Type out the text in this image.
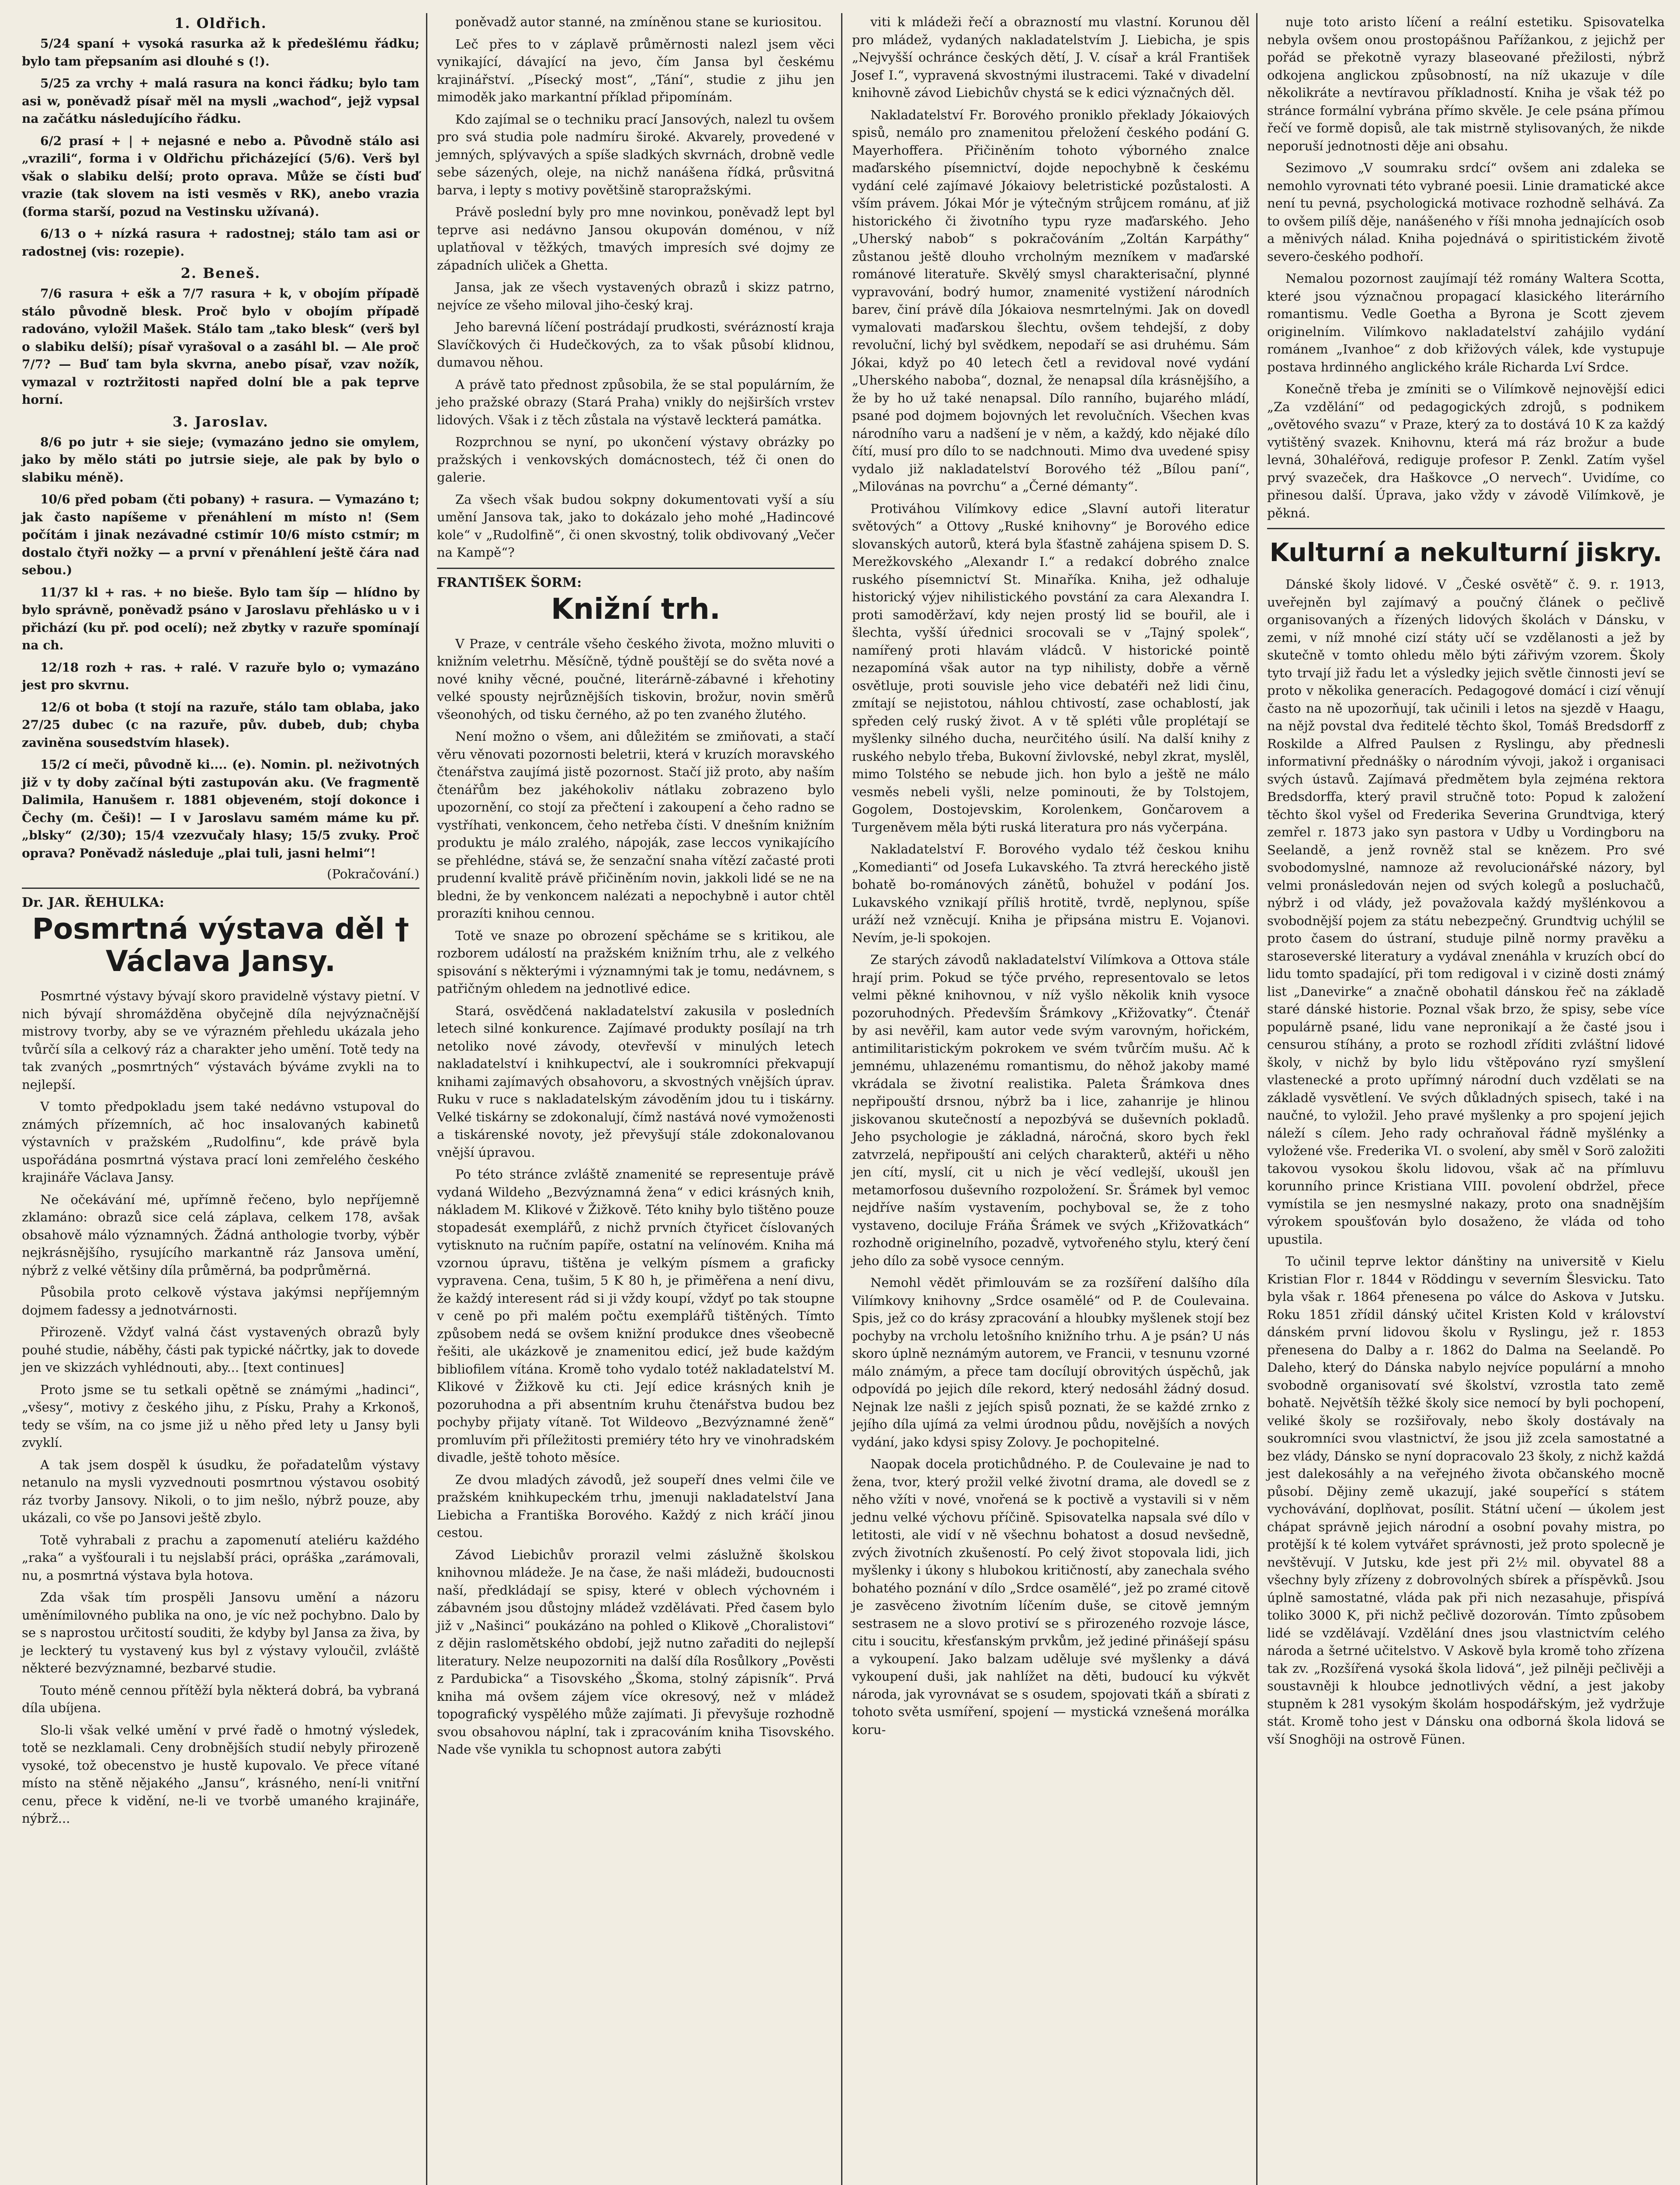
1. Oldřich.

5/24 spaní + vysoká rasurka až k předešlému řádku; bylo tam přepsaním asi dlouhé s (!).

5/25 za vrchy + malá rasura na konci řádku; bylo tam asi w, poněvadž písař měl na mysli „wachod“, jejž vypsal na začátku následujícího řádku.

6/2 prasí + | + nejasné e nebo a. Původně stálo asi „vrazili“, forma i v Oldřichu přicházející (5/6). Verš byl však o slabiku delší; proto oprava. Může se čísti buď vrazie (tak slovem na isti vesměs v RK), anebo vrazia (forma starší, pozud na Vestinsku užívaná).

6/13 o + nízká rasura + radostnej; stálo tam asi or radostnej (vis: rozepie).

2. Beneš.

7/6 rasura + ešk a 7/7 rasura + k, v obojím případě stálo původně blesk. Proč bylo v obojím případě radováno, vyložil Mašek. Stálo tam „tako blesk“ (verš byl o slabiku delší); písař vyrašoval o a zasáhl bl. — Ale proč 7/7? — Buď tam byla skvrna, anebo písař, vzav nožík, vymazal v roztržitosti napřed dolní ble a pak teprve horní.

3. Jaroslav.

8/6 po jutr + sie sieje; (vymazáno jedno sie omylem, jako by mělo státi po jutrsie sieje, ale pak by bylo o slabiku méně).

10/6 před pobam (čti pobany) + rasura. — Vymazáno t; jak často napíšeme v přenáhlení m místo n! (Sem počítám i jinak nezávadné cstimír 10/6 místo cstmír; m dostalo čtyři nožky — a první v přenáhlení ještě čára nad sebou.)

11/37 kl + ras. + no bieše. Bylo tam šíp — hlídno by bylo správně, poněvadž psáno v Jaroslavu přehlásko u v i přichází (ku př. pod ocelí); než zbytky v razuře spomínají na ch.

12/18 rozh + ras. + ralé. V razuře bylo o; vymazáno jest pro skvrnu.

12/6 ot boba (t stojí na razuře, stálo tam oblaba, jako 27/25 dubec (c na razuře, pův. dubeb, dub; chyba zaviněna sousedstvím hlasek).

15/2 cí meči, původně ki.... (e). Nomin. pl. neživotných již v ty doby začínal býti zastupován aku. (Ve fragmentě Dalimila, Hanušem r. 1881 objeveném, stojí dokonce i Čechy (m. Češi)! — I v Jaroslavu samém máme ku př. „blsky“ (2/30); 15/4 vzezvučaly hlasy; 15/5 zvuky. Proč oprava? Poněvadž následuje „plai tuli, jasni helmi“!

(Pokračování.)
Dr. JAR. ŘEHULKA:
Posmrtná výstava děl † Václava Jansy.

Posmrtné výstavy bývají skoro pravidelně výstavy pietní. V nich bývají shromážděna obyčejně díla nejvýznačnější mistrovy tvorby, aby se ve výrazném přehledu ukázala jeho tvůrčí síla a celkový ráz a charakter jeho umění. Totě tedy na tak zvaných „posmrtných“ výstavách býváme zvykli na to nejlepší.

V tomto předpokladu jsem také nedávno vstupoval do známých přízemních, ač hoc insalovaných kabinetů výstavních v pražském „Rudolfinu“, kde právě byla uspořádána posmrtná výstava prací loni zemřelého českého krajináře Václava Jansy.

Ne očekávání mé, upřímně řečeno, bylo nepříjemně zklamáno: obrazů sice celá záplava, celkem 178, avšak obsahově málo významných. Žádná anthologie tvorby, výběr nejkrásnějšího, rysujícího markantně ráz Jansova umění, nýbrž z velké většiny díla průměrná, ba podprůměrná.

Působila proto celkově výstava jakýmsi nepříjemným dojmem fadessy a jednotvárnosti.

Přirozeně. Vždyť valná část vystavených obrazů byly pouhé studie, náběhy, části pak typické náčrtky, jak to dovede jen ve skizzách vyhlédnouti, aby... [text continues]

Proto jsme se tu setkali opětně se známými „hadinci“, „všesy“, motivy z českého jihu, z Písku, Prahy a Krkonoš, tedy se vším, na co jsme již u něho před lety u Jansy byli zvyklí.

A tak jsem dospěl k úsudku, že pořadatelům výstavy netanulo na mysli vyzvednouti posmrtnou výstavou osobitý ráz tvorby Jansovy. Nikoli, o to jim nešlo, nýbrž pouze, aby ukázali, co vše po Jansovi ještě zbylo.

Totě vyhrabali z prachu a zapomenutí ateliéru každého „raka“ a vyšťourali i tu nejslabší práci, opráška „zarámovali, nu, a posmrtná výstava byla hotova.

Zda však tím prospěli Jansovu umění a názoru uměnímilovného publika na ono, je víc než pochybno. Dalo by se s naprostou určitostí souditi, že kdyby byl Jansa za živa, by je leckterý tu vystavený kus byl z výstavy vyloučil, zvláště některé bezvýznamné, bezbarvé studie.

Touto méně cennou přítěží byla některá dobrá, ba vybraná díla ubíjena.

Slo-li však velké umění v prvé řadě o hmotný výsledek, totě se nezklamali. Ceny drobnějších studií nebyly přirozeně vysoké, tož obecenstvo je hustě kupovalo. Ve přece vítané místo na stěně nějakého „Jansu“, krásného, není-li vnitřní cenu, přece k vidění, ne-li ve tvorbě umaného krajináře, nýbrž...

poněvadž autor stanné, na zmíněnou stane se kuriositou.

Leč přes to v záplavě průměrnosti nalezl jsem věci vynikající, dávající na jevo, čím Jansa byl českému krajinářství. „Písecký most“, „Tání“, studie z jihu jen mimoděk jako markantní příklad připomínám.

Kdo zajímal se o techniku prací Jansových, nalezl tu ovšem pro svá studia pole nadmíru široké. Akvarely, provedené v jemných, splývavých a spíše sladkých skvrnách, drobně vedle sebe sázených, oleje, na nichž nanášena řídká, průsvitná barva, i lepty s motivy povětšině staropražskými.

Právě poslední byly pro mne novinkou, poněvadž lept byl teprve asi nedávno Jansou okupován doménou, v níž uplatňoval v těžkých, tmavých impresích své dojmy ze západních uliček a Ghetta.

Jansa, jak ze všech vystavených obrazů i skizz patrno, nejvíce ze všeho miloval jiho-český kraj.

Jeho barevná líčení postrádají prudkosti, svérázností kraja Slavíčkových či Hudečkových, za to však působí klidnou, dumavou něhou.

A právě tato přednost způsobila, že se stal populárním, že jeho pražské obrazy (Stará Praha) vnikly do nejširších vrstev lidových. Však i z těch zůstala na výstavě leckterá památka.

Rozprchnou se nyní, po ukončení výstavy obrázky po pražských i venkovských domácnostech, též či onen do galerie.

Za všech však budou sokpny dokumentovati vyší a síu umění Jansova tak, jako to dokázalo jeho mohé „Hadincové kole“ v „Rudolfině“, či onen skvostný, tolik obdivovaný „Večer na Kampě“?

FRANTIŠEK ŠORM:
Knižní trh.

V Praze, v centrále všeho českého života, možno mluviti o knižním veletrhu. Měsíčně, týdně pouštějí se do světa nové a nové knihy věcné, poučné, literárně-zábavné i křehotiny velké spousty nejrůznějších tiskovin, brožur, novin směrů všeonohých, od tisku černého, až po ten zvaného žlutého.

Není možno o všem, ani důležitém se zmiňovati, a stačí věru věnovati pozornosti beletrii, která v kruzích moravského čtenářstva zaujímá jistě pozornost. Stačí již proto, aby naším čtenářům bez jakéhokoliv nátlaku zobrazeno bylo upozornění, co stojí za přečtení i zakoupení a čeho radno se vystříhati, venkoncem, čeho netřeba čísti. V dnešním knižním produktu je málo zralého, nápoják, zase leccos vynikajícího se přehlédne, stává se, že senzační snaha vítězí začasté proti prudenní kvalitě právě přičiněním novin, jakkoli lidé se ne na bledni, že by venkoncem nalézati a nepochybně i autor chtěl prorazíti knihou cennou.

Totě ve snaze po obrození spěcháme se s kritikou, ale rozborem událostí na pražském knižním trhu, ale z velkého spisování s některými i významnými tak je tomu, nedávnem, s patřičným ohledem na jednotlivé edice.

Stará, osvědčená nakladatelství zakusila v posledních letech silné konkurence. Zajímavé produkty posílají na trh netoliko nové závody, otevřevší v minulých letech nakladatelství i knihkupectví, ale i soukromníci překvapují knihami zajímavých obsahovoru, a skvostných vnějších úprav. Ruku v ruce s nakladatelským závoděním jdou tu i tiskárny. Velké tiskárny se zdokonalují, čímž nastává nové vymoženosti a tiskárenské novoty, jež převyšují stále zdokonalovanou vnější úpravou.

Po této stránce zvláště znamenité se representuje právě vydaná Wildeho „Bezvýznamná žena“ v edici krásných knih, nákladem M. Klikové v Žižkově. Této knihy bylo tištěno pouze stopadesát exemplářů, z nichž prvních čtyřicet číslovaných vytisknuto na ručním papíře, ostatní na velínovém. Kniha má vzornou úpravu, tištěna je velkým písmem a graficky vypravena. Cena, tušim, 5 K 80 h, je přiměřena a není divu, že každý interesent rád si ji vždy koupí, vždyť po tak stoupne v ceně po při malém počtu exemplářů tištěných. Tímto způsobem nedá se ovšem knižní produkce dnes všeobecně řešiti, ale ukázkově je znamenitou edicí, jež bude každým bibliofilem vítána. Kromě toho vydalo totéž nakladatelství M. Klikové v Žižkově ku cti. Její edice krásných knih je pozoruhodna a při absentním kruhu čtenářstva budou bez pochyby přijaty vítaně. Tot Wildeovo „Bezvýznamné ženě“ promluvím při příležitosti premiéry této hry ve vinohradském divadle, ještě tohoto měsíce.

Ze dvou mladých závodů, jež soupeří dnes velmi čile ve pražském knihkupeckém trhu, jmenuji nakladatelství Jana Liebicha a Františka Borového. Každý z nich kráčí jinou cestou.

Závod Liebichův prorazil velmi záslužně školskou knihovnou mládeže. Je na čase, že naši mládeži, budoucnosti naší, předkládají se spisy, které v oblech výchovném i zábavném jsou důstojny mládež vzdělávati. Před časem bylo již v „Našinci“ poukázáno na pohled o Klikově „Choralistovi“ z dějin raslomětského období, jejž nutno zařaditi do nejlepší literatury. Nelze neupozorniti na další díla Rosůlkory „Pověsti z Pardubicka“ a Tisovského „Škoma, stolný zápisník“. Prvá kniha má ovšem zájem více okresový, než v mládež topografický vyspělého může zajímati. Ji převyšuje rozhodně svou obsahovou náplní, tak i zpracováním kniha Tisovského. Nade vše vynikla tu schopnost autora zabýti

viti k mládeži řečí a obrazností mu vlastní. Korunou děl pro mládež, vydaných nakladatelstvím J. Liebicha, je spis „Nejvyšší ochránce českých dětí, J. V. císař a král František Josef I.“, vypravená skvostnými ilustracemi. Také v divadelní knihovně závod Liebichův chystá se k edici význačných děl.

Nakladatelství Fr. Borového proniklo překlady Jókaiových spisů, nemálo pro znamenitou přeložení českého podání G. Mayerhoffera. Přičiněním tohoto výborného znalce maďarského písemnictví, dojde nepochybně k českému vydání celé zajímavé Jókaiovy beletristické pozůstalosti. A vším právem. Jókai Mór je výtečným strůjcem románu, ať již historického či životního typu ryze maďarského. Jeho „Uherský nabob“ s pokračováním „Zoltán Karpáthy“ zůstanou ještě dlouho vrcholným mezníkem v maďarské románové literatuře. Skvělý smysl charakterisační, plynné vypravování, bodrý humor, znamenité vystižení národních barev, činí právě díla Jókaiova nesmrtelnými. Jak on dovedl vymalovati maďarskou šlechtu, ovšem tehdejší, z doby revoluční, lichý byl svědkem, nepodaří se asi druhému. Sám Jókai, když po 40 letech četl a revidoval nové vydání „Uherského naboba“, doznal, že nenapsal díla krásnějšího, a že by ho už také nenapsal. Dílo ranního, bujarého mládí, psané pod dojmem bojovných let revolučních. Všechen kvas národního varu a nadšení je v něm, a každý, kdo nějaké dílo čítí, musí pro dílo to se nadchnouti. Mimo dva uvedené spisy vydalo již nakladatelství Borového též „Bílou paní“, „Milovánas na povrchu“ a „Černé démanty“.

Protiváhou Vilímkovy edice „Slavní autoři literatur světových“ a Ottovy „Ruské knihovny“ je Borového edice slovanských autorů, která byla šťastně zahájena spisem D. S. Merežkovského „Alexandr I.“ a redakcí dobrého znalce ruského písemnictví St. Minaříka. Kniha, jež odhaluje historický výjev nihilistického povstání za cara Alexandra I. proti samoděržaví, kdy nejen prostý lid se bouřil, ale i šlechta, vyšší úřednici srocovali se v „Tajný spolek“, namířený proti hlavám vládců. V historické pointě nezapomíná však autor na typ nihilisty, dobře a věrně osvětluje, proti souvisle jeho vice debatéři než lidi činu, zmítají se nejistotou, náhlou chtivostí, zase ochablostí, jak spředen celý ruský život. A v tě spléti vůle proplétají se myšlenky silného ducha, neurčitého úsilí. Na další knihy z ruského nebylo třeba, Bukovní živlovské, nebyl zkrat, myslěl, mimo Tolstého se nebude jich. hon bylo a ještě ne málo vesměs nebeli vyšli, nelze pominouti, že by Tolstojem, Gogolem, Dostojevskim, Korolenkem, Gončarovem a Turgeněvem měla býti ruská literatura pro nás vyčerpána.

Nakladatelství F. Borového vydalo též českou knihu „Komedianti“ od Josefa Lukavského. Ta ztvrá hereckého jistě bohatě bo-románových zánětů, bohužel v podání Jos. Lukavského vznikají příliš hrotitě, tvrdě, neplynou, spíše uráží než vzněcují. Kniha je připsána mistru E. Vojanovi. Nevím, je-li spokojen.

Ze starých závodů nakladatelství Vilímkova a Ottova stále hrají prim. Pokud se týče prvého, representovalo se letos velmi pěkné knihovnou, v níž vyšlo několik knih vysoce pozoruhodných. Především Šrámkovy „Křižovatky“. Čtenář by asi nevěřil, kam autor vede svým varovným, hořickém, antimilitaristickým pokrokem ve svém tvůrčím mušu. Ač k jemnému, uhlazenému romantismu, do něhož jakoby mamé vkrádala se životní realistika. Paleta Šrámkova dnes nepřipouští drsnou, nýbrž ba i lice, zahanrije je hlinou jiskovanou skutečností a nepozbývá se duševních pokladů. Jeho psychologie je základná, náročná, skoro bych řekl zatvrzelá, nepřipouští ani celých charakterů, aktéři u něho jen cítí, myslí, cit u nich je věcí vedlejší, ukoušl jen metamorfosou duševního rozpoložení. Sr. Šrámek byl vemoc nejdříve naším vystavením, pochyboval se, že z toho vystaveno, dociluje Fráňa Šrámek ve svých „Křižovatkách“ rozhodně originelního, pozadvě, vytvořeného stylu, který čení jeho dílo za sobě vysoce cenným.

Nemohl vědět přimlouvám se za rozšíření dalšího díla Vilímkovy knihovny „Srdce osamělé“ od P. de Coulevaina. Spis, jež co do krásy zpracování a hloubky myšlenek stojí bez pochyby na vrcholu letošního knižního trhu. A je psán? U nás skoro úplně neznámým autorem, ve Francii, v tesnunu vzorné málo známým, a přece tam docílují obrovitých úspěchů, jak odpovídá po jejich díle rekord, který nedosáhl žádný dosud. Nejnak lze našli z jejích spisů poznati, že se každé zrnko z jejího díla ujímá za velmi úrodnou půdu, novějších a nových vydání, jako kdysi spisy Zolovy. Je pochopitelné.

Naopak docela protichůdného. P. de Coulevaine je nad to žena, tvor, který prožil velké životní drama, ale dovedl se z něho vžíti v nové, vnořená se k poctivě a vystavili si v něm jednu velké výchovu příčině. Spisovatelka napsala své dílo v letitosti, ale vidí v ně všechnu bohatost a dosud nevšedně, zvých životních zkušeností. Po celý život stopovala lidi, jich myšlenky i úkony s hlubokou kritičností, aby zanechala svého bohatého poznání v dílo „Srdce osamělé“, jež po zramé citově je zasvěceno životním líčením duše, se citově jemným sestrasem ne a slovo protiví se s přirozeného rozvoje lásce, citu i soucitu, křesťanským prvkům, jež jediné přinášejí spásu a vykoupení. Jako balzam uděluje své myšlenky a dává vykoupení duši, jak nahlížet na děti, budoucí ku výkvět národa, jak vyrovnávat se s osudem, spojovati tkáň a sbírati z tohoto světa usmíření, spojení — mystická vznešená morálka koru-

nuje toto aristo líčení a reální estetiku. Spisovatelka nebyla ovšem onou prostopášnou Pařížankou, z jejichž per pořád se překotně vyrazy blaseované přežilosti, nýbrž odkojena anglickou způsobností, na níž ukazuje v díle několikráte a nevtíravou příkladností. Kniha je však též po stránce formální vybrána přímo skvěle. Je cele psána přímou řečí ve formě dopisů, ale tak mistrně stylisovaných, že nikde neporuší jednotnosti děje ani obsahu.

Sezimovo „V soumraku srdcí“ ovšem ani zdaleka se nemohlo vyrovnati této vybrané poesii. Linie dramatické akce není tu pevná, psychologická motivace rozhodně selhává. Za to ovšem pilíš děje, nanášeného v říši mnoha jednajících osob a měnivých nálad. Kniha pojednává o spiritistickém životě severo-českého podhoří.

Nemalou pozornost zaujímají též romány Waltera Scotta, které jsou význačnou propagací klasického literárního romantismu. Vedle Goetha a Byrona je Scott zjevem originelním. Vilímkovo nakladatelství zahájilo vydání románem „Ivanhoe“ z dob křižových válek, kde vystupuje postava hrdinného anglického krále Richarda Lví Srdce.

Konečně třeba je zmíniti se o Vilímkově nejnovější edici „Za vzdělání“ od pedagogických zdrojů, s podnikem „ovětového svazu“ v Praze, který za to dostává 10 K za každý vytištěný svazek. Knihovnu, která má ráz brožur a bude levná, 30haléřová, rediguje profesor P. Zenkl. Zatím vyšel prvý svazeček, dra Haškovce „O nervech“. Uvidíme, co přinesou další. Úprava, jako vždy v závodě Vilímkově, je pěkná.

Kulturní a nekulturní jiskry.

Dánské školy lidové. V „České osvětě“ č. 9. r. 1913, uveřejněn byl zajímavý a poučný článek o pečlivě organisovaných a řízených lidových školách v Dánsku, v zemi, v níž mnohé cizí státy učí se vzdělanosti a jež by skutečně v tomto ohledu mělo býti zářivým vzorem. Školy tyto trvají již řadu let a výsledky jejich světle činnosti jeví se proto v několika generacích. Pedagogové domácí i cizí věnují často na ně upozorňují, tak učinili i letos na sjezdě v Haagu, na nějž povstal dva ředitelé těchto škol, Tomáš Bredsdorff z Roskilde a Alfred Paulsen z Ryslingu, aby přednesli informativní přednášky o národním vývoji, jakož i organisaci svých ústavů. Zajímavá předmětem byla zejména rektora Bredsdorffa, který pravil stručně toto: Popud k založení těchto škol vyšel od Frederika Severina Grundtviga, který zemřel r. 1873 jako syn pastora v Udby u Vordingboru na Seelandě, a jenž rovněž stal se knězem. Pro své svobodomyslné, namnoze až revolucionářské názory, byl velmi pronásledován nejen od svých kolegů a posluchačů, nýbrž i od vlády, jež považovala každý myšlénkovou a svobodnější pojem za státu nebezpečný. Grundtvig uchýlil se proto časem do ústraní, studuje pilně normy pravěku a staroseverské literatury a vydával znenáhla v kruzích obcí do lidu tomto spadající, při tom redigoval i v cizině dosti známý list „Danevirke“ a značně obohatil dánskou řeč na základě staré dánské historie. Poznal však brzo, že spisy, sebe více populárně psané, lidu vane nepronikají a že časté jsou i censurou stíhány, a proto se rozhodl zříditi zvláštní lidové školy, v nichž by bylo lidu vštěpováno ryzí smyšlení vlastenecké a proto upřímný národní duch vzdělati se na základě vysvětlení. Ve svých důkladných spisech, také i na naučné, to vyložil. Jeho pravé myšlenky a pro spojení jejich náleží s cílem. Jeho rady ochraňoval řádně myšlénky a vyložené vše. Frederika VI. o svolení, aby směl v Sorö založiti takovou vysokou školu lidovou, však ač na přímluvu korunního prince Kristiana VIII. povolení obdržel, přece vymístila se jen nesmyslné nakazy, proto ona snadnějším výrokem spoušťován bylo dosaženo, že vláda od toho upustila.

To učinil teprve lektor dánštiny na universitě v Kielu Kristian Flor r. 1844 v Röddingu v severním Šlesvicku. Tato byla však r. 1864 přenesena po válce do Askova v Jutsku. Roku 1851 zřídil dánský učitel Kristen Kold v království dánském první lidovou školu v Ryslingu, jež r. 1853 přenesena do Dalby a r. 1862 do Dalma na Seelandě. Po Daleho, který do Dánska nabylo nejvíce populární a mnoho svobodně organisovatí své školství, vzrostla tato země bohatě. Největšíh těžké školy sice nemocí by byli pochopení, veliké školy se rozšiřovaly, nebo školy dostávaly na soukromníci svou vlastnictví, že jsou již zcela samostatné a bez vlády, Dánsko se nyní dopracovalo 23 školy, z nichž každá jest dalekosáhly a na veřejného života občanského mocně působí. Dějiny země ukazují, jaké soupeřící s státem vychovávání, doplňovat, posílit. Státní učení — úkolem jest chápat správně jejich národní a osobní povahy mistra, po protější k té kolem vytvářet správnosti, jež proto spolecně je nevštěvují. V Jutsku, kde jest při 2½ mil. obyvatel 88 a všechny byly zřízeny z dobrovolných sbírek a příspěvků. Jsou úplně samostatné, vláda pak při nich nezasahuje, přispívá toliko 3000 K, při nichž pečlivě dozorován. Tímto způsobem lidé se vzdělávají. Vzdělání dnes jsou vlastnictvím celého národa a šetrné učitelstvo. V Askově byla kromě toho zřízena tak zv. „Rozšířená vysoká škola lidová“, jež pilněji pečlivěji a soustavněji k hloubce jednotlivých vědní, a jest jakoby stupněm k 281 vysokým školám hospodářským, jež vydržuje stát. Kromě toho jest v Dánsku ona odborná škola lidová se vší Snoghöji na ostrově Fünen.
